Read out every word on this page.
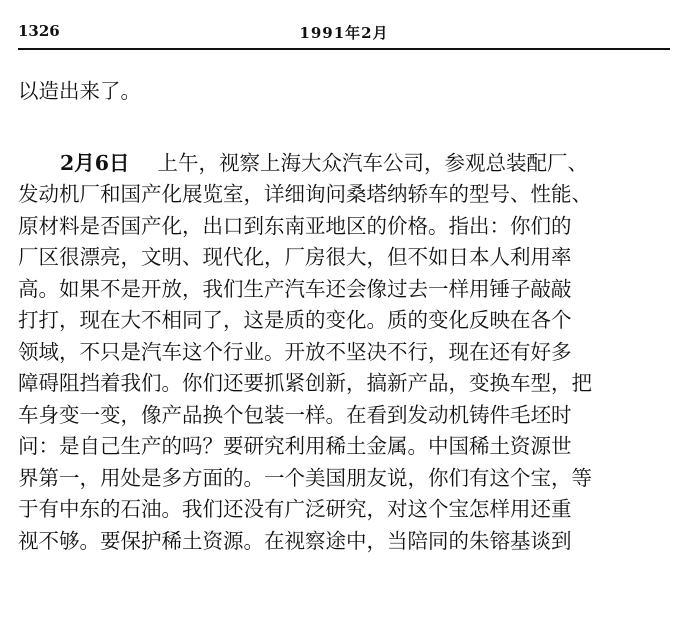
1326	1991年2月

以造出来了。

2月6日 上午，视察上海大众汽车公司，参观总装配厂、
发动机厂和国产化展览室，详细询问桑塔纳轿车的型号、性能、
原材料是否国产化，出口到东南亚地区的价格。指出：你们的
厂区很漂亮，文明、现代化，厂房很大，但不如日本人利用率
高。如果不是开放，我们生产汽车还会像过去一样用锤子敲敲
打打，现在大不相同了，这是质的变化。质的变化反映在各个
领域，不只是汽车这个行业。开放不坚决不行，现在还有好多
障碍阻挡着我们。你们还要抓紧创新，搞新产品，变换车型，把
车身变一变，像产品换个包装一样。在看到发动机铸件毛坯时
问：是自己生产的吗？要研究利用稀土金属。中国稀土资源世
界第一，用处是多方面的。一个美国朋友说，你们有这个宝，等
于有中东的石油。我们还没有广泛研究，对这个宝怎样用还重
视不够。要保护稀土资源。在视察途中，当陪同的朱镕基谈到
